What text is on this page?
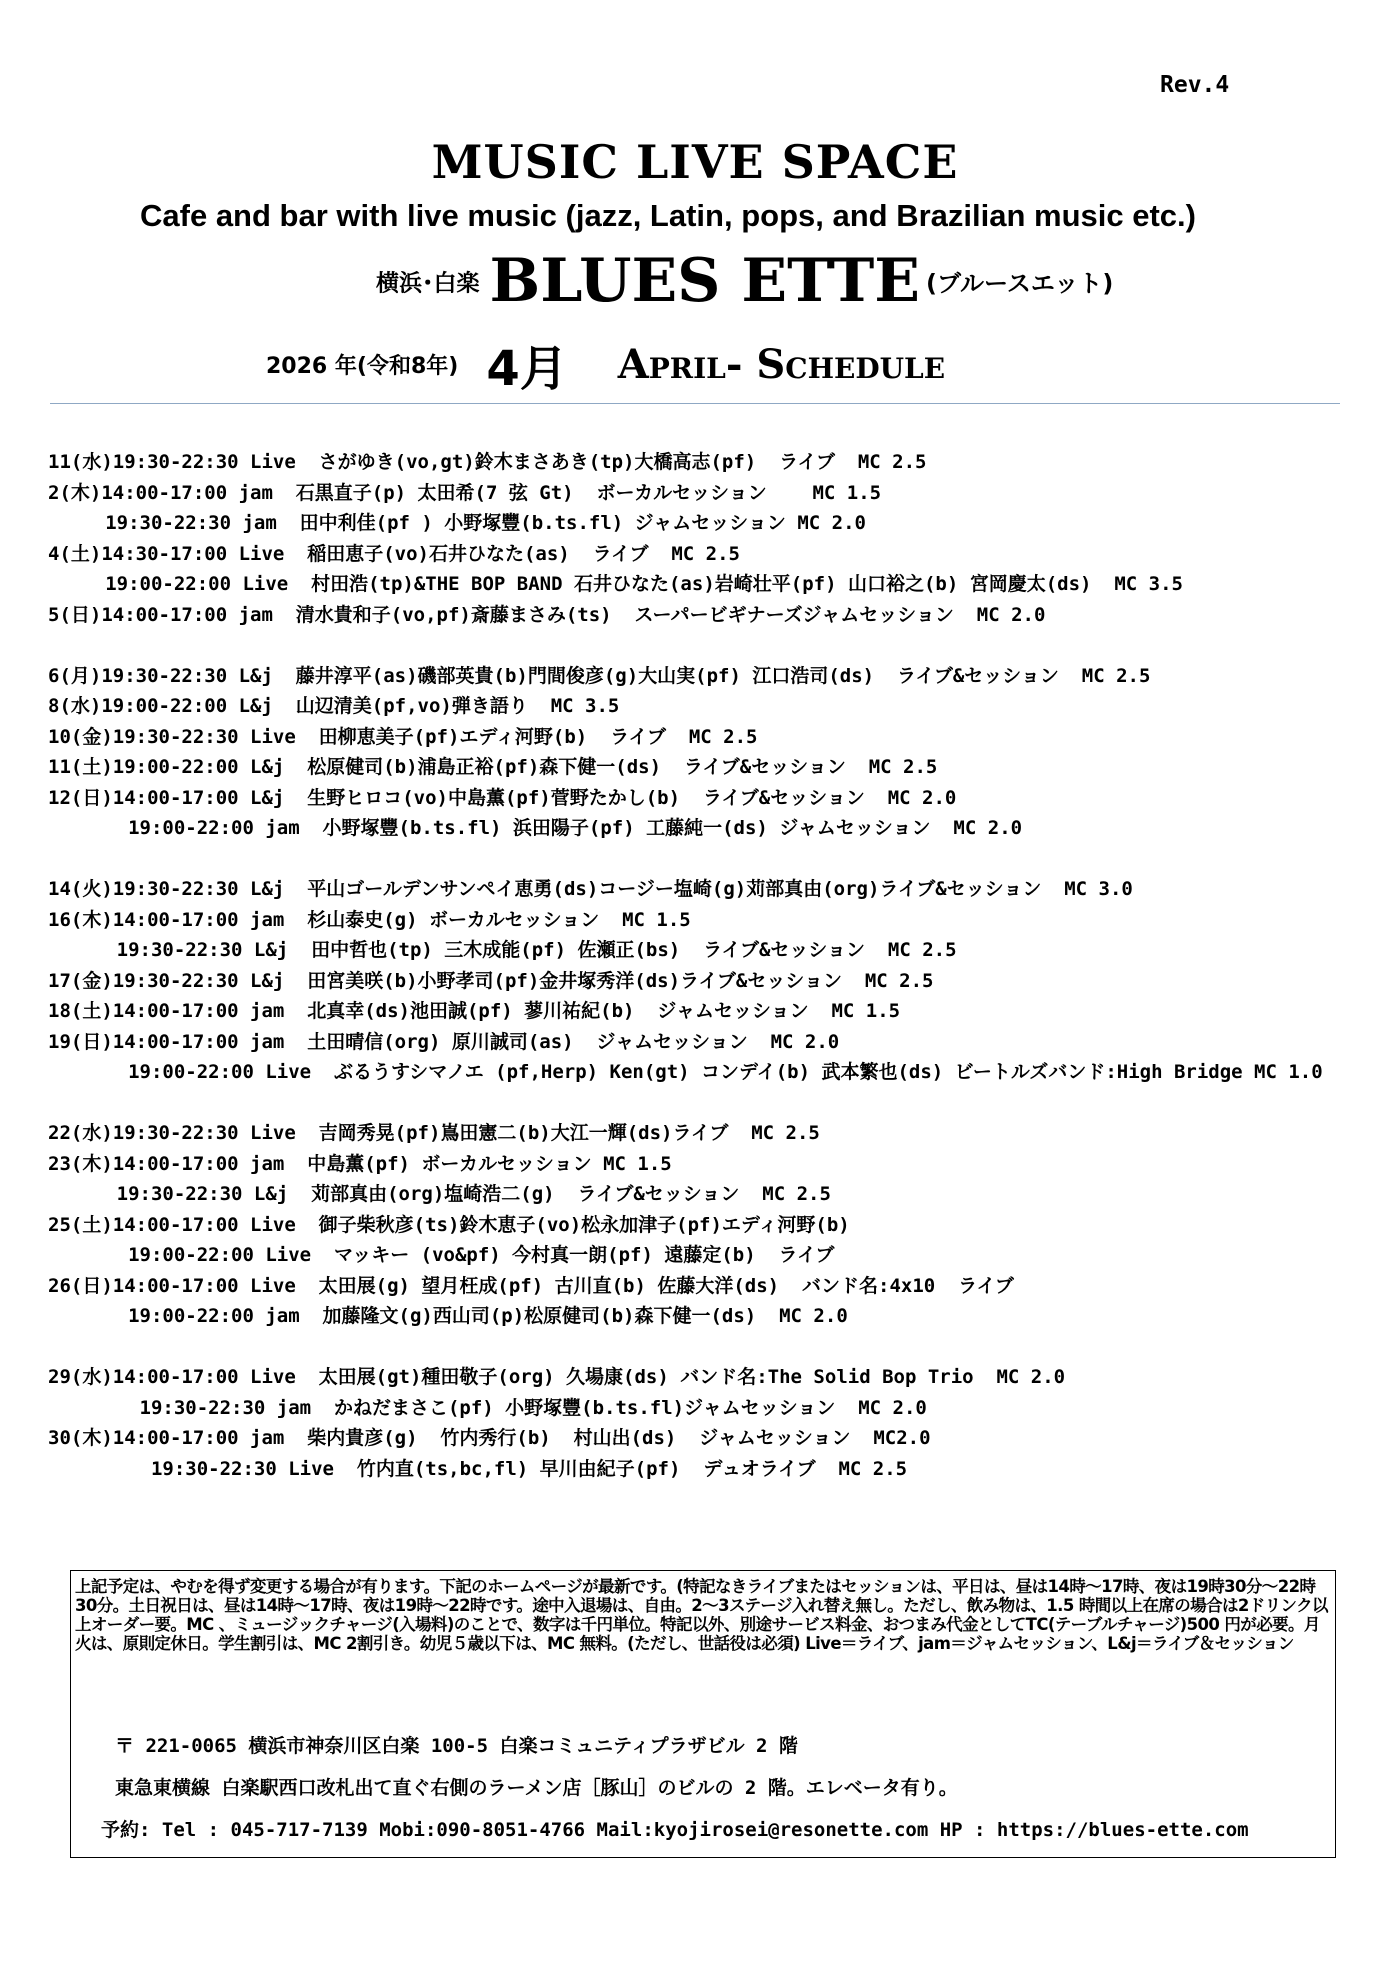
Rev.4
MUSIC LIVE SPACE
Cafe and bar with live music (jazz, Latin, pops, and Brazilian music etc.)
横浜･白楽 BLUES ETTE (ブルースエット)
2026 年(令和8年) 4月 April- Schedule
11(水)19:30-22:30 Live  さがゆき(vo,gt)鈴木まさあき(tp)大橋高志(pf)  ライブ  MC 2.5
2(木)14:00-17:00 jam  石黒直子(p) 太田希(7 弦 Gt)  ボーカルセッション    MC 1.5
19:30-22:30 jam  田中利佳(pf ) 小野塚豐(b.ts.fl) ジャムセッション MC 2.0
4(土)14:30-17:00 Live  稲田恵子(vo)石井ひなた(as)  ライブ  MC 2.5
19:00-22:00 Live  村田浩(tp)&THE BOP BAND 石井ひなた(as)岩崎壮平(pf) 山口裕之(b) 宮岡慶太(ds)  MC 3.5
5(日)14:00-17:00 jam  清水貴和子(vo,pf)斎藤まさみ(ts)  スーパービギナーズジャムセッション  MC 2.0
6(月)19:30-22:30 L&j  藤井淳平(as)磯部英貴(b)門間俊彦(g)大山実(pf) 江口浩司(ds)  ライブ&セッション  MC 2.5
8(水)19:00-22:00 L&j  山辺清美(pf,vo)弾き語り  MC 3.5
10(金)19:30-22:30 Live  田柳恵美子(pf)エディ河野(b)  ライブ  MC 2.5
11(土)19:00-22:00 L&j  松原健司(b)浦島正裕(pf)森下健一(ds)  ライブ&セッション  MC 2.5
12(日)14:00-17:00 L&j  生野ヒロコ(vo)中島薫(pf)菅野たかし(b)  ライブ&セッション  MC 2.0
19:00-22:00 jam  小野塚豐(b.ts.fl) 浜田陽子(pf) 工藤純一(ds) ジャムセッション  MC 2.0
14(火)19:30-22:30 L&j  平山ゴールデンサンペイ恵勇(ds)コージー塩崎(g)苅部真由(org)ライブ&セッション  MC 3.0
16(木)14:00-17:00 jam  杉山泰史(g) ボーカルセッション  MC 1.5
19:30-22:30 L&j  田中哲也(tp) 三木成能(pf) 佐瀬正(bs)  ライブ&セッション  MC 2.5
17(金)19:30-22:30 L&j  田宮美咲(b)小野孝司(pf)金井塚秀洋(ds)ライブ&セッション  MC 2.5
18(土)14:00-17:00 jam  北真幸(ds)池田誠(pf) 蓼川祐紀(b)  ジャムセッション  MC 1.5
19(日)14:00-17:00 jam  土田晴信(org) 原川誠司(as)  ジャムセッション  MC 2.0
19:00-22:00 Live  ぶるうすシマノエ (pf,Herp) Ken(gt) コンデイ(b) 武本繁也(ds) ビートルズバンド:High Bridge MC 1.0
22(水)19:30-22:30 Live  吉岡秀晃(pf)嶌田憲二(b)大江一輝(ds)ライブ  MC 2.5
23(木)14:00-17:00 jam  中島薫(pf) ボーカルセッション MC 1.5
19:30-22:30 L&j  苅部真由(org)塩崎浩二(g)  ライブ&セッション  MC 2.5
25(土)14:00-17:00 Live  御子柴秋彦(ts)鈴木恵子(vo)松永加津子(pf)エディ河野(b)
19:00-22:00 Live  マッキー (vo&pf) 今村真一朗(pf) 遠藤定(b)  ライブ
26(日)14:00-17:00 Live  太田展(g) 望月枉成(pf) 古川直(b) 佐藤大洋(ds)  バンド名:4x10  ライブ
19:00-22:00 jam  加藤隆文(g)西山司(p)松原健司(b)森下健一(ds)  MC 2.0
29(水)14:00-17:00 Live  太田展(gt)種田敬子(org) 久場康(ds) バンド名:The Solid Bop Trio  MC 2.0
19:30-22:30 jam  かねだまさこ(pf) 小野塚豐(b.ts.fl)ジャムセッション  MC 2.0
30(木)14:00-17:00 jam  柴内貴彦(g)  竹内秀行(b)  村山出(ds)  ジャムセッション  MC2.0
19:30-22:30 Live  竹内直(ts,bc,fl) 早川由紀子(pf)  デュオライブ  MC 2.5
上記予定は、やむを得ず変更する場合が有ります。下記のホームページが最新です。(特記なきライブまたはセッションは、平日は、昼は14時～17時、夜は19時30分～22時30分。土日祝日は、昼は14時～17時、夜は19時～22時です。途中入退場は、自由。2～3ステージ入れ替え無し。ただし、飲み物は、1.5 時間以上在席の場合は2ドリンク以上オーダー要。MC 、ミュージックチャージ(入場料)のことで、数字は千円単位。特記以外、別途サービス料金、おつまみ代金としてTC(テーブルチャージ)500 円が必要。月火は、原則定休日。学生割引は、MC 2割引き。幼児５歳以下は、MC 無料。(ただし、世話役は必須) Live＝ライブ、jam＝ジャムセッション、L&j＝ライブ＆セッション
〒 221-0065 横浜市神奈川区白楽 100-5 白楽コミュニティプラザビル 2 階
東急東横線 白楽駅西口改札出て直ぐ右側のラーメン店［豚山］のビルの 2 階。エレベータ有り。
予約: Tel : 045-717-7139 Mobi:090-8051-4766 Mail:kyojirosei@resonette.com HP : https://blues-ette.com
